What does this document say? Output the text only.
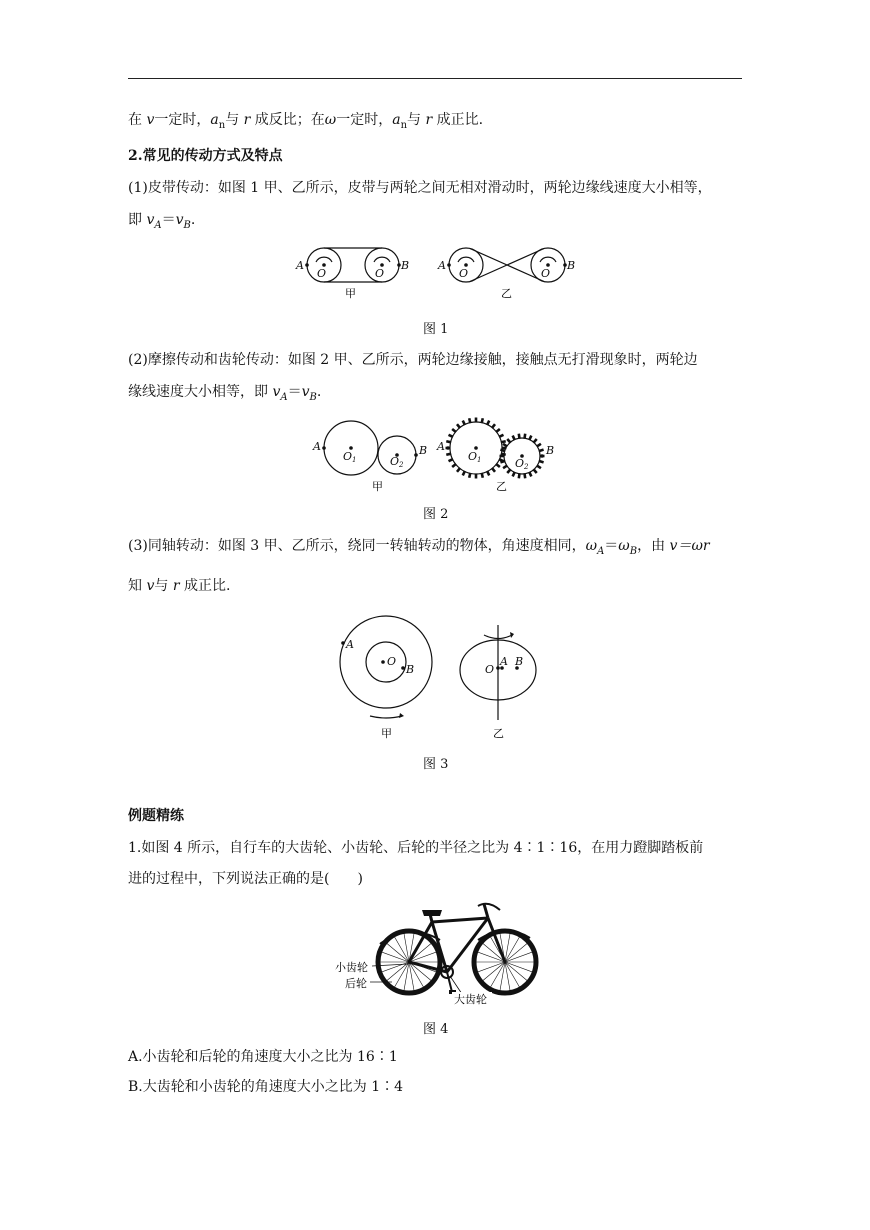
在 v一定时，$a_n$与 r 成反比；在ω一定时，$a_n$与 r 成正比.
2.常见的传动方式及特点
(1)皮带传动：如图 1 甲、乙所示，皮带与两轮之间无相对滑动时，两轮边缘线速度大小相等，
即 $v_A=v_B$.
A	B
O	O
A	B
O	O
甲	乙
图 1
(2)摩擦传动和齿轮传动：如图 2 甲、乙所示，两轮边缘接触，接触点无打滑现象时，两轮边
缘线速度大小相等，即 $v_A=v_B$.
A	B
O1	O2
A	B
O1	O2
甲	乙
图 2
(3)同轴转动：如图 3 甲、乙所示，绕同一转轴转动的物体，角速度相同，$\omega_A=\omega_B$，由 v＝ωr
知 v与 r 成正比.
A
O
B	O
A B
甲	乙
图 3
例题精练
1.如图 4 所示，自行车的大齿轮、小齿轮、后轮的半径之比为 4∶1∶16，在用力蹬脚踏板前
进的过程中，下列说法正确的是(　　)
小齿轮
后轮
大齿轮
图 4
A.小齿轮和后轮的角速度大小之比为 16∶1
B.大齿轮和小齿轮的角速度大小之比为 1∶4
